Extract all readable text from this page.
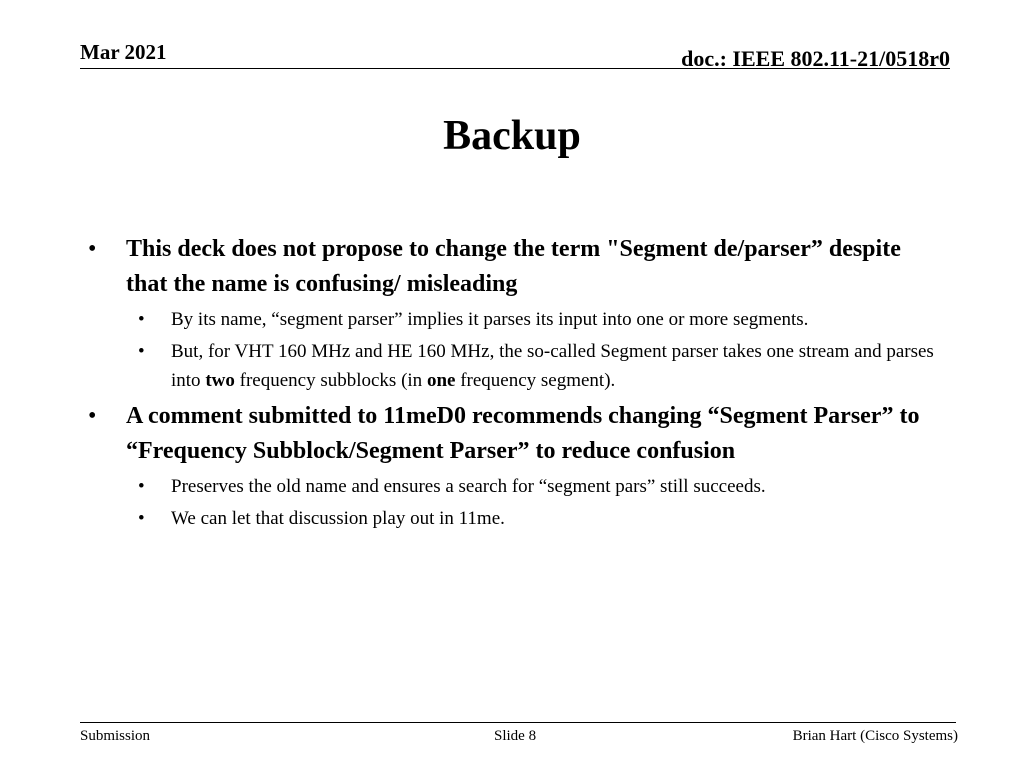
Mar 2021	doc.: IEEE 802.11-21/0518r0
Backup
•	This deck does not propose to change the term "Segment de/parser” despite that the name is confusing/ misleading
•	By its name, “segment parser” implies it parses its input into one or more segments.
•	But, for VHT 160 MHz and HE 160 MHz, the so-called Segment parser takes one stream and parses into two frequency subblocks (in one frequency segment).
•	A comment submitted to 11meD0 recommends changing “Segment Parser” to “Frequency Subblock/Segment Parser” to reduce confusion
•	Preserves the old name and ensures a search for “segment pars” still succeeds.
•	We can let that discussion play out in 11me.
Submission	Slide 8	Brian Hart (Cisco Systems)
